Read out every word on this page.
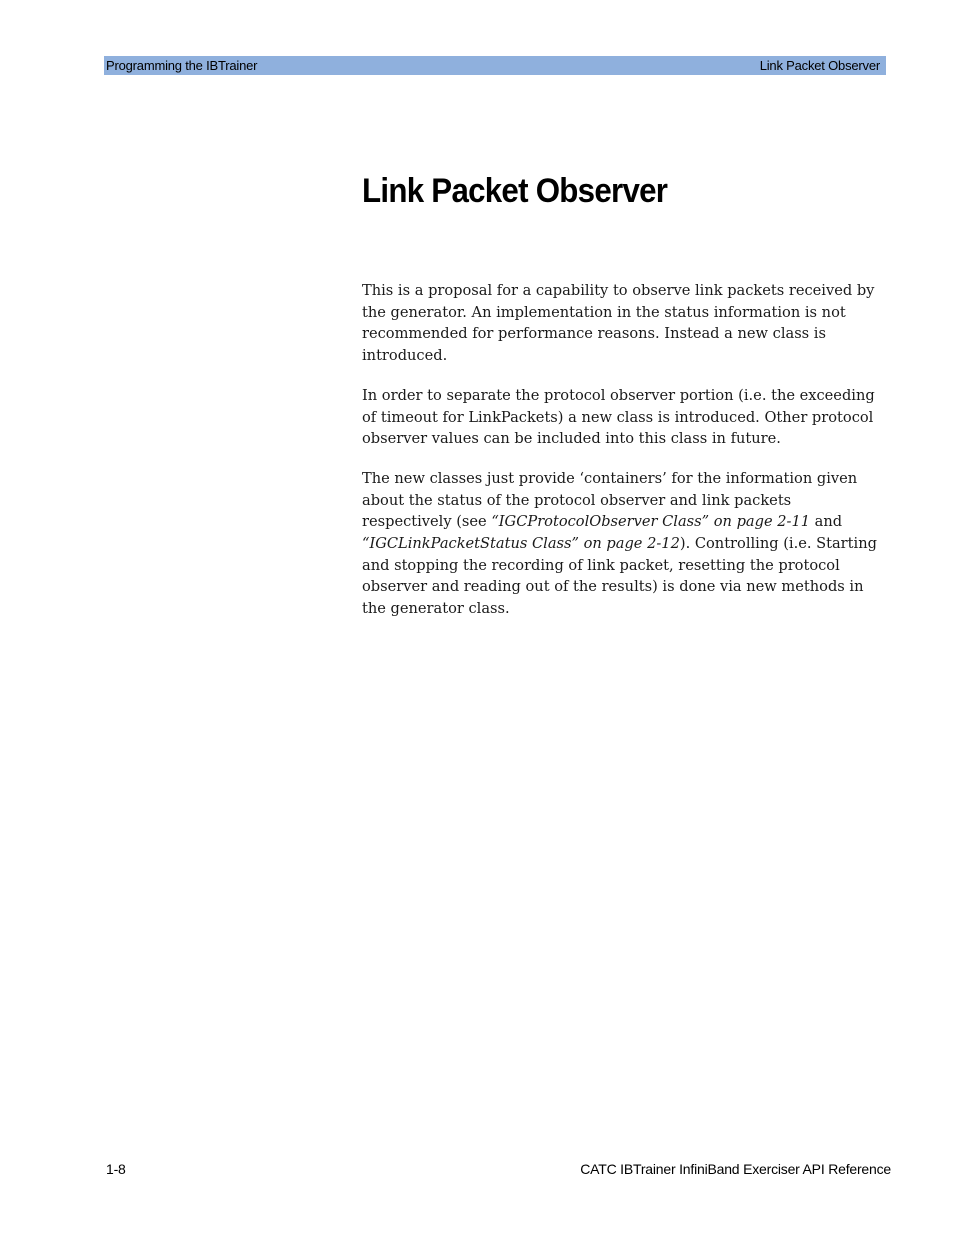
Programming the IBTrainer	Link Packet Observer
Link Packet Observer

This is a proposal for a capability to observe link packets received by the generator. An implementation in the status information is not recommended for performance reasons. Instead a new class is introduced.

In order to separate the protocol observer portion (i.e. the exceeding of timeout for LinkPackets) a new class is introduced. Other protocol observer values can be included into this class in future.

The new classes just provide ‘containers’ for the information given about the status of the protocol observer and link packets respectively (see “IGCProtocolObserver Class” on page 2-11 and “IGCLinkPacketStatus Class” on page 2-12). Controlling (i.e. Starting and stopping the recording of link packet, resetting the protocol observer and reading out of the results) is done via new methods in the generator class.

1-8	CATC IBTrainer InfiniBand Exerciser API Reference
